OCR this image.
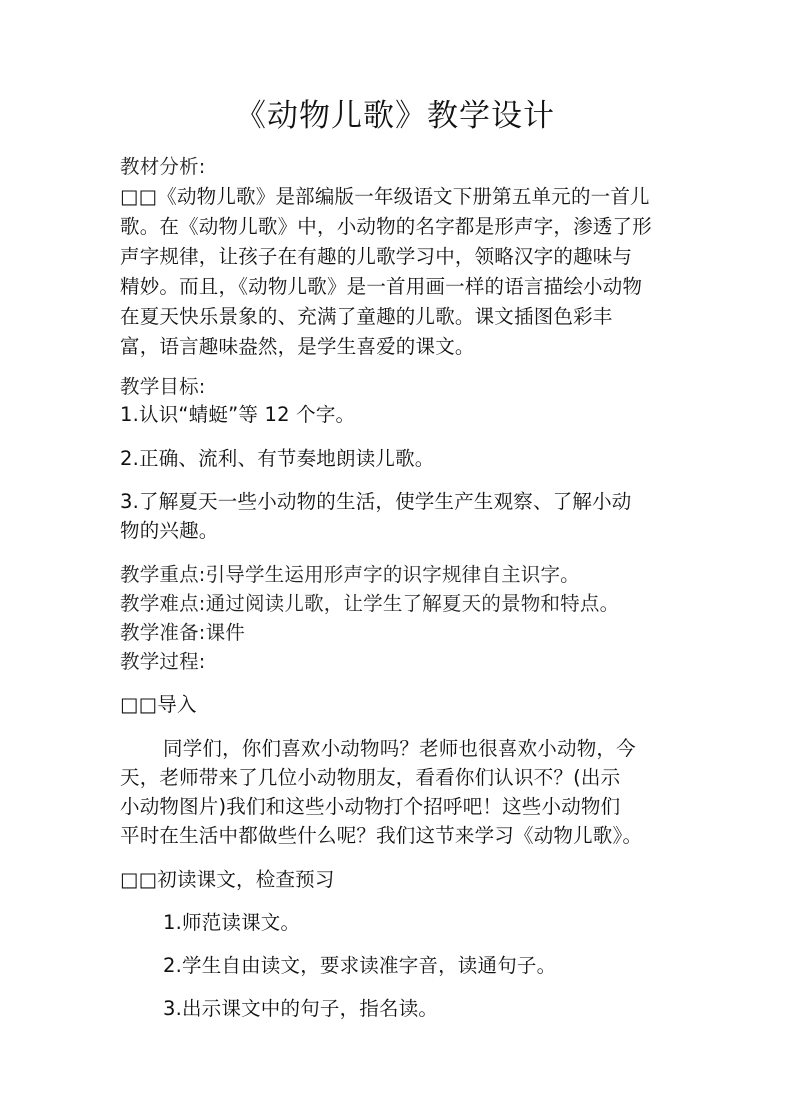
《动物儿歌》教学设计
教材分析:
□□《动物儿歌》是部编版一年级语文下册第五单元的一首儿
歌。在《动物儿歌》中，小动物的名字都是形声字，渗透了形
声字规律，让孩子在有趣的儿歌学习中，领略汉字的趣味与
精妙。而且，《动物儿歌》是一首用画一样的语言描绘小动物
在夏天快乐景象的、充满了童趣的儿歌。课文插图色彩丰
富，语言趣味盎然，是学生喜爱的课文。
教学目标:
1.认识“蜻蜓”等 12 个字。
2.正确、流利、有节奏地朗读儿歌。
3.了解夏天一些小动物的生活，使学生产生观察、了解小动
物的兴趣。
教学重点:引导学生运用形声字的识字规律自主识字。
教学难点:通过阅读儿歌，让学生了解夏天的景物和特点。
教学准备:课件
教学过程:
□□导入
同学们，你们喜欢小动物吗？老师也很喜欢小动物，今
天，老师带来了几位小动物朋友，看看你们认识不？(出示
小动物图片)我们和这些小动物打个招呼吧！这些小动物们
平时在生活中都做些什么呢？我们这节来学习《动物儿歌》。
□□初读课文，检查预习
1.师范读课文。
2.学生自由读文，要求读准字音，读通句子。
3.出示课文中的句子，指名读。
